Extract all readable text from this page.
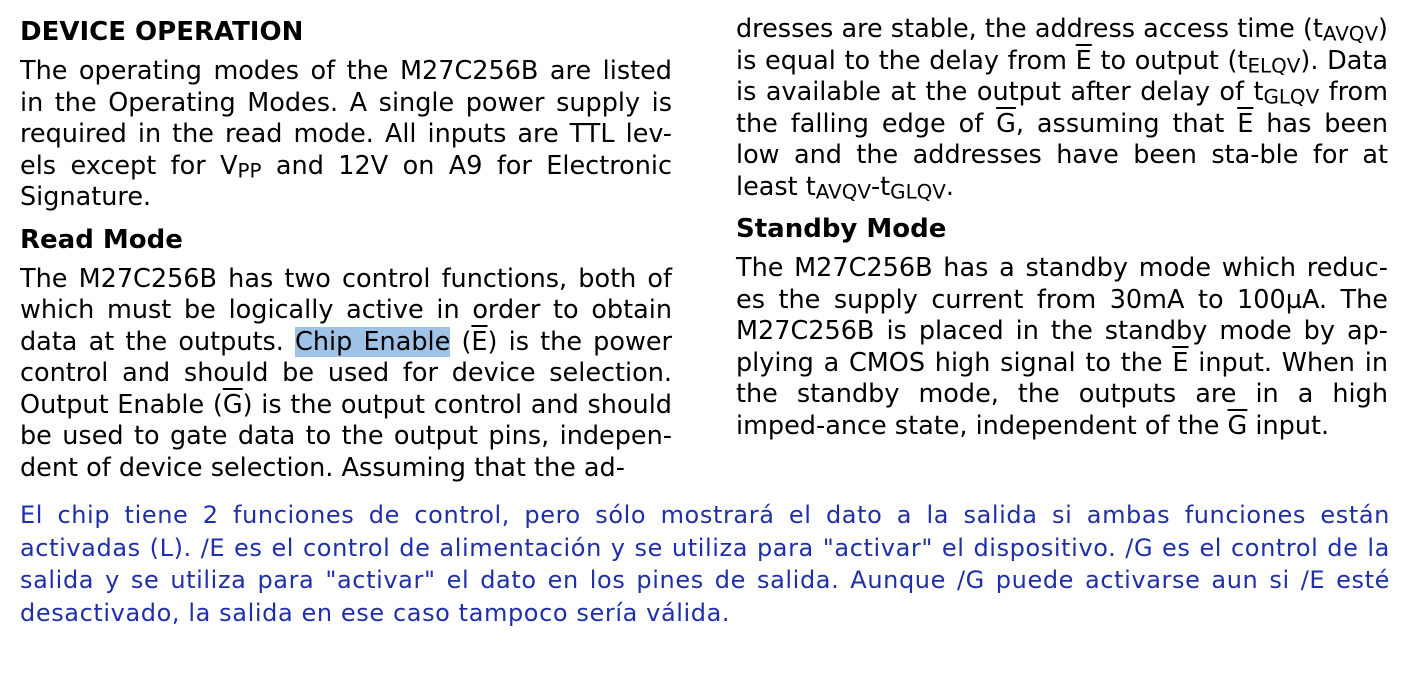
DEVICE OPERATION

The operating modes of the M27C256B are listed in the Operating Modes. A single power supply is required in the read mode. All inputs are TTL lev-els except for $V_{PP}$ and 12V on A9 for Electronic Signature.

Read Mode

The M27C256B has two control functions, both of which must be logically active in order to obtain data at the outputs. Chip Enable $(\overline{E})$ is the power control and should be used for device selection. Output Enable $(\overline{G})$ is the output control and should be used to gate data to the output pins, indepen-dent of device selection. Assuming that the ad-

dresses are stable, the address access time $(t_{AVQV})$ is equal to the delay from $\overline{E}$ to output $(t_{ELQV})$. Data is available at the output after delay of $t_{GLQV}$ from the falling edge of $\overline{G}$, assuming that $\overline{E}$ has been low and the addresses have been sta-ble for at least $t_{AVQV}-t_{GLQV}$.

Standby Mode

The M27C256B has a standby mode which reduc-es the supply current from 30mA to 100µA. The M27C256B is placed in the standby mode by ap-plying a CMOS high signal to the $\overline{E}$ input. When in the standby mode, the outputs are in a high imped-ance state, independent of the $\overline{G}$ input.

El chip tiene 2 funciones de control, pero sólo mostrará el dato a la salida si ambas funciones están activadas (L). /E es el control de alimentación y se utiliza para "activar" el dispositivo. /G es el control de la salida y se utiliza para "activar" el dato en los pines de salida. Aunque /G puede activarse aun si /E esté desactivado, la salida en ese caso tampoco sería válida.
